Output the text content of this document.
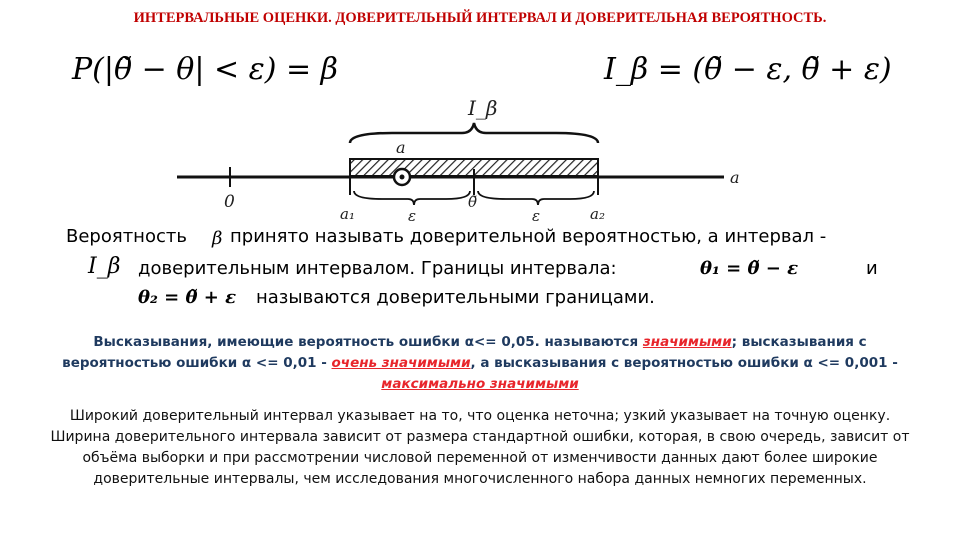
ИНТЕРВАЛЬНЫЕ ОЦЕНКИ. ДОВЕРИТЕЛЬНЫЙ ИНТЕРВАЛ И ДОВЕРИТЕЛЬНАЯ ВЕРОЯТНОСТЬ.
P(|θ̃ − θ| < ε) = β	I_β = (θ̃ − ε, θ̃ + ε)
I_β
a
a
0
a₁	a₂
θ̃
ε	ε
Вероятность β принято называть доверительной вероятностью, а интервал -
I_β доверительным интервалом. Границы интервала:	θ₁ = θ̃ − ε	и
θ₂ = θ̃ + ε называются доверительными границами.
Высказывания, имеющие вероятность ошибки α<= 0,05. называются значимыми; высказывания с вероятностью ошибки α <= 0,01 - очень значимыми, а высказывания с вероятностью ошибки α <= 0,001 - максимально значимыми

Широкий доверительный интервал указывает на то, что оценка неточна; узкий указывает на точную оценку.

Ширина доверительного интервала зависит от размера стандартной ошибки, которая, в свою очередь, зависит от объёма выборки и при рассмотрении числовой переменной от изменчивости данных дают более широкие доверительные интервалы, чем исследования многочисленного набора данных немногих переменных.
